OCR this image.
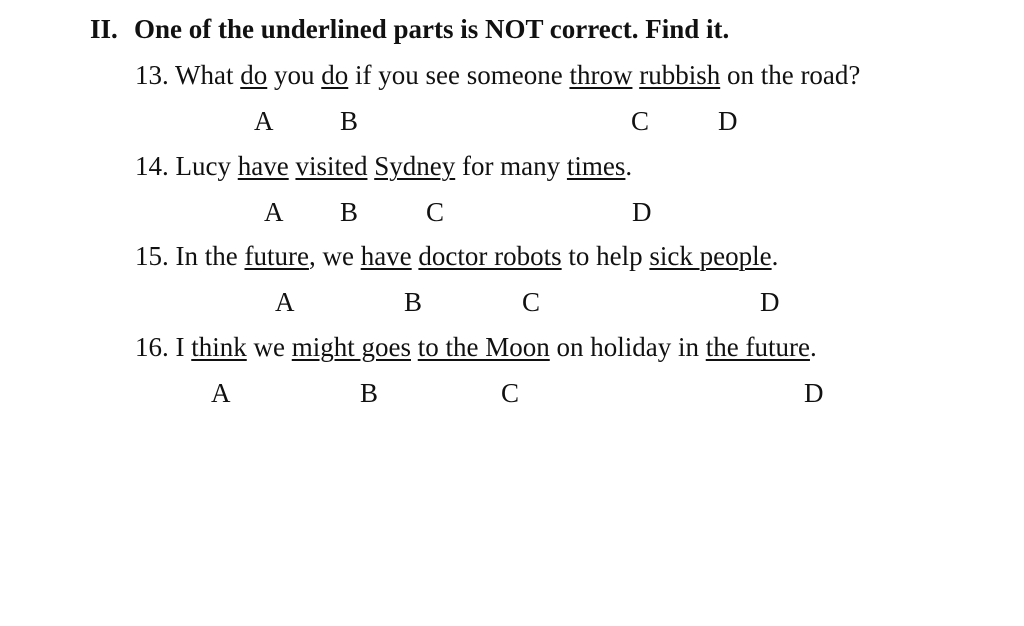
II. One of the underlined parts is NOT correct. Find it.
13. What do you do if you see someone throw rubbish on the road?
A B	C	D
14. Lucy have visited Sydney for many times.
A B	C	D
15. In the future, we have doctor robots to help sick people.
A	B	C	D
16. I think we might goes to the Moon on holiday in the future.
A	B	C	D
